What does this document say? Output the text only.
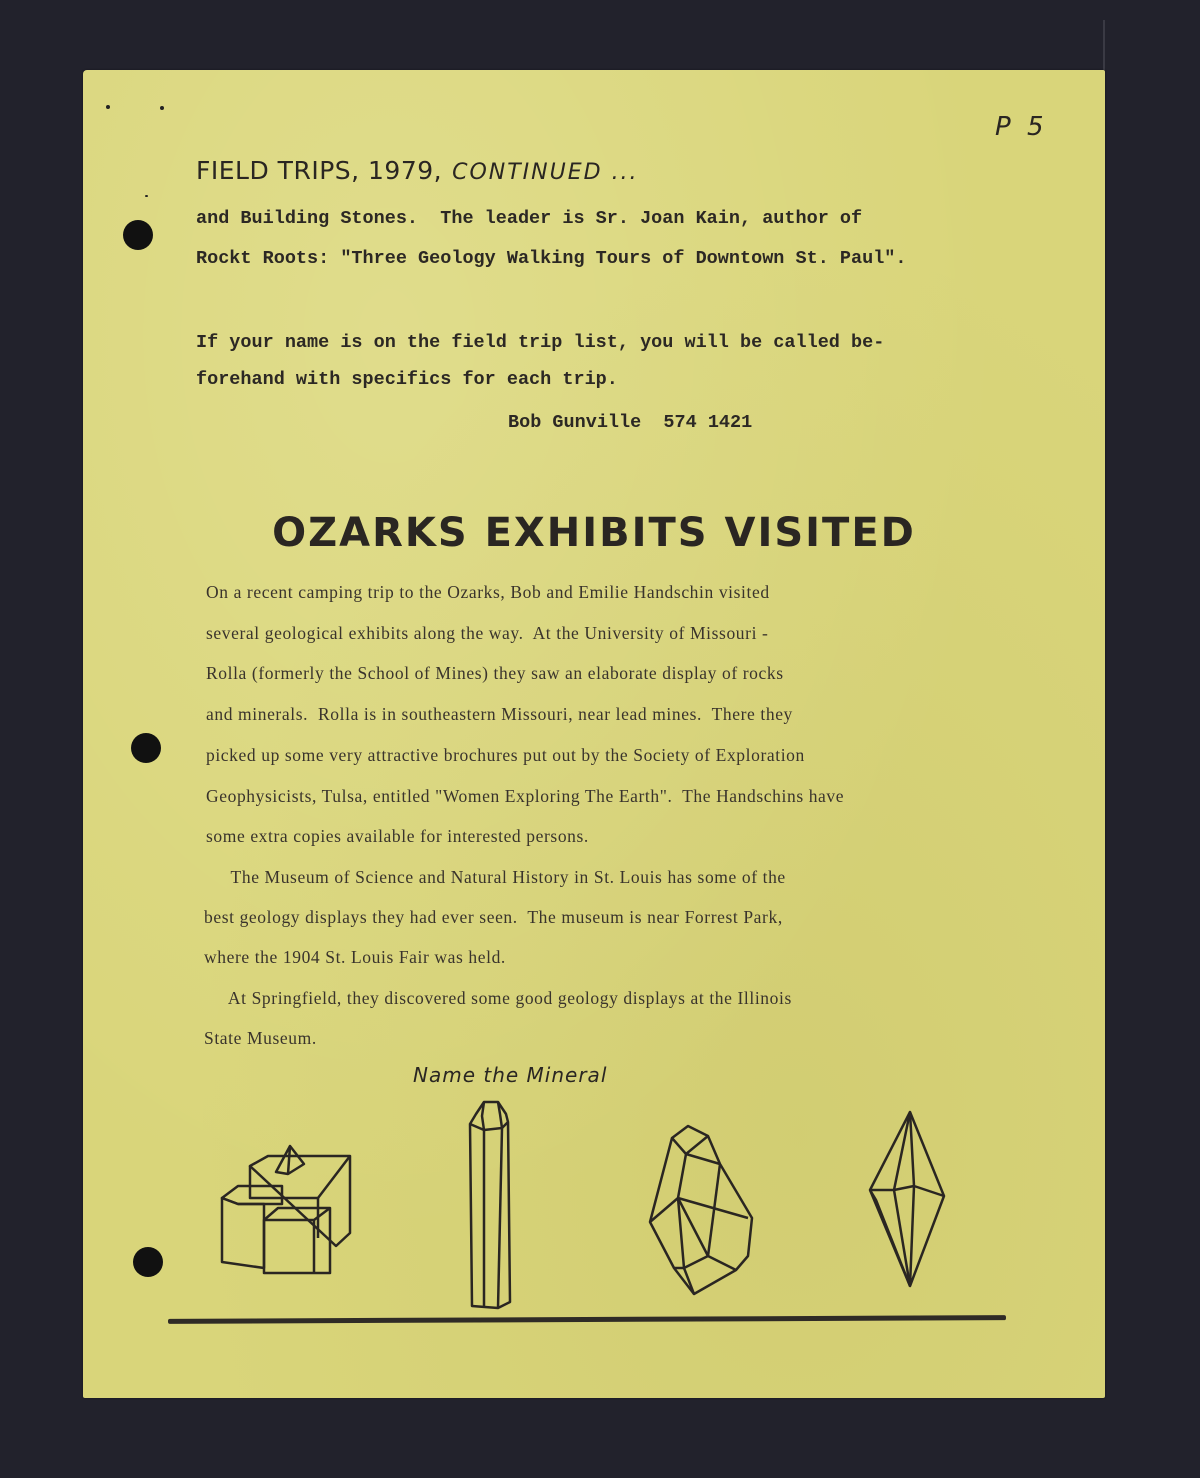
P 5
FIELD TRIPS, 1979, CONTINUED ...
and Building Stones.  The leader is Sr. Joan Kain, author of
Rockt Roots: "Three Geology Walking Tours of Downtown St. Paul".
If your name is on the field trip list, you will be called be-
forehand with specifics for each trip.
Bob Gunville  574 1421
OZARKS EXHIBITS VISITED
On a recent camping trip to the Ozarks, Bob and Emilie Handschin visited
several geological exhibits along the way.  At the University of Missouri -
Rolla (formerly the School of Mines) they saw an elaborate display of rocks
and minerals.  Rolla is in southeastern Missouri, near lead mines.  There they
picked up some very attractive brochures put out by the Society of Exploration
Geophysicists, Tulsa, entitled "Women Exploring The Earth".  The Handschins have
some extra copies available for interested persons.
The Museum of Science and Natural History in St. Louis has some of the
best geology displays they had ever seen.  The museum is near Forrest Park,
where the 1904 St. Louis Fair was held.
At Springfield, they discovered some good geology displays at the Illinois
State Museum.
Name the Mineral
